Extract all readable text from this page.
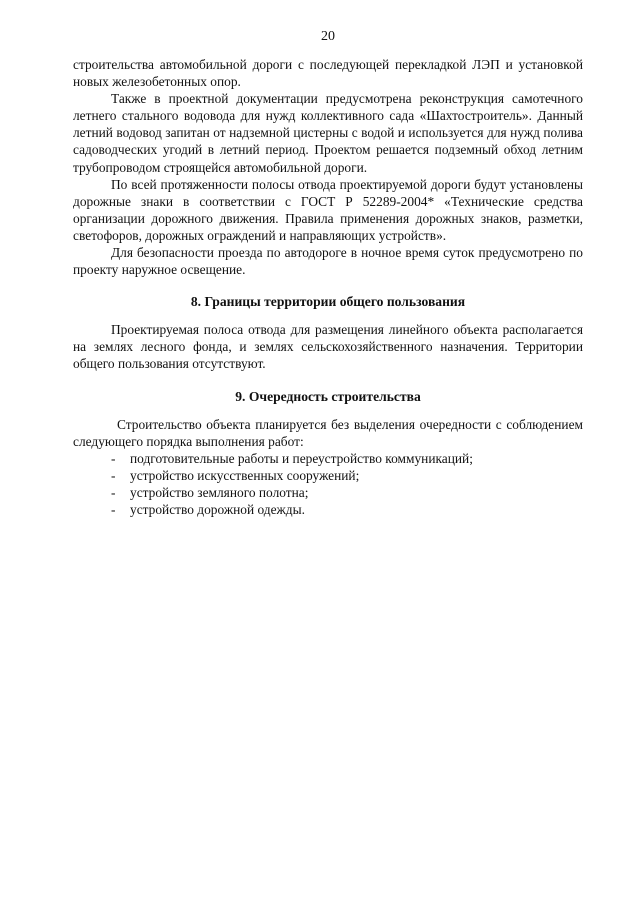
20

строительства автомобильной дороги с последующей перекладкой ЛЭП и установкой новых железобетонных опор.

Также в проектной документации предусмотрена реконструкция самотечного летнего стального водовода для нужд коллективного сада «Шахтостроитель». Данный летний водовод запитан от надземной цистерны с водой и используется для нужд полива садоводческих угодий в летний период. Проектом решается подземный обход летним трубопроводом строящейся автомобильной дороги.

По всей протяженности полосы отвода проектируемой дороги будут установлены дорожные знаки в соответствии с ГОСТ Р 52289-2004* «Технические средства организации дорожного движения. Правила применения дорожных знаков, разметки, светофоров, дорожных ограждений и направляющих устройств».

Для безопасности проезда по автодороге в ночное время суток предусмотрено по проекту наружное освещение.

8. Границы территории общего пользования

Проектируемая полоса отвода для размещения линейного объекта располагается на землях лесного фонда, и землях сельскохозяйственного назначения. Территории общего пользования отсутствуют.

9. Очередность строительства

Строительство объекта планируется без выделения очередности с соблюдением следующего порядка выполнения работ:

- подготовительные работы и переустройство коммуникаций;
- устройство искусственных сооружений;
- устройство земляного полотна;
- устройство дорожной одежды.
